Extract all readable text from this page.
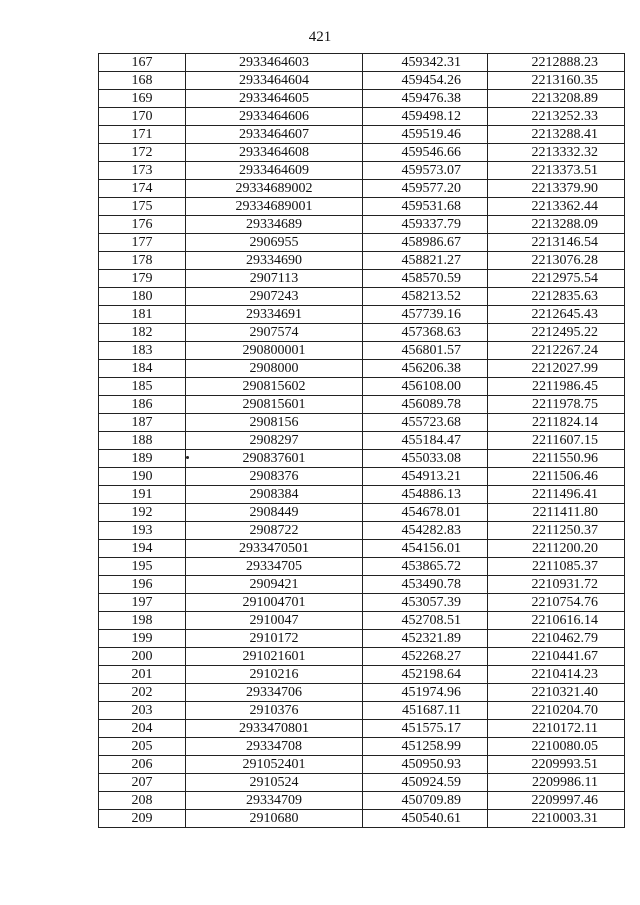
421
167	2933464603	459342.31	2212888.23
168	2933464604	459454.26	2213160.35
169	2933464605	459476.38	2213208.89
170	2933464606	459498.12	2213252.33
171	2933464607	459519.46	2213288.41
172	2933464608	459546.66	2213332.32
173	2933464609	459573.07	2213373.51
174	29334689002	459577.20	2213379.90
175	29334689001	459531.68	2213362.44
176	29334689	459337.79	2213288.09
177	2906955	458986.67	2213146.54
178	29334690	458821.27	2213076.28
179	2907113	458570.59	2212975.54
180	2907243	458213.52	2212835.63
181	29334691	457739.16	2212645.43
182	2907574	457368.63	2212495.22
183	290800001	456801.57	2212267.24
184	2908000	456206.38	2212027.99
185	290815602	456108.00	2211986.45
186	290815601	456089.78	2211978.75
187	2908156	455723.68	2211824.14
188	2908297	455184.47	2211607.15
189	290837601	455033.08	2211550.96
190	2908376	454913.21	2211506.46
191	2908384	454886.13	2211496.41
192	2908449	454678.01	2211411.80
193	2908722	454282.83	2211250.37
194	2933470501	454156.01	2211200.20
195	29334705	453865.72	2211085.37
196	2909421	453490.78	2210931.72
197	291004701	453057.39	2210754.76
198	2910047	452708.51	2210616.14
199	2910172	452321.89	2210462.79
200	291021601	452268.27	2210441.67
201	2910216	452198.64	2210414.23
202	29334706	451974.96	2210321.40
203	2910376	451687.11	2210204.70
204	2933470801	451575.17	2210172.11
205	29334708	451258.99	2210080.05
206	291052401	450950.93	2209993.51
207	2910524	450924.59	2209986.11
208	29334709	450709.89	2209997.46
209	2910680	450540.61	2210003.31
